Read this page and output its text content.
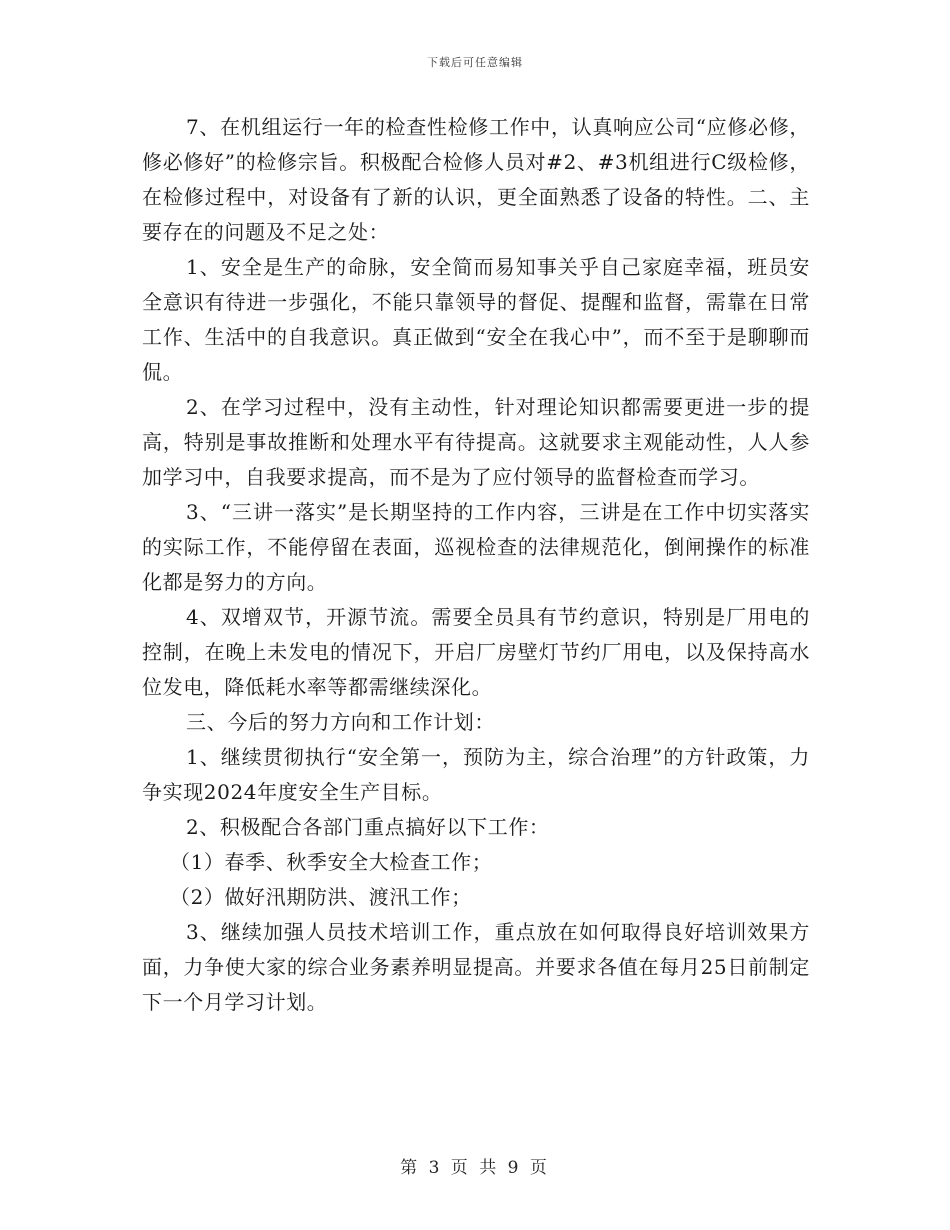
下载后可任意编辑

7、在机组运行一年的检查性检修工作中，认真响应公司“应修必修，修必修好”的检修宗旨。积极配合检修人员对#2、#3机组进行C级检修，在检修过程中，对设备有了新的认识，更全面熟悉了设备的特性。二、主要存在的问题及不足之处：

1、安全是生产的命脉，安全简而易知事关乎自己家庭幸福，班员安全意识有待进一步强化，不能只靠领导的督促、提醒和监督，需靠在日常工作、生活中的自我意识。真正做到“安全在我心中”，而不至于是聊聊而侃。

2、在学习过程中，没有主动性，针对理论知识都需要更进一步的提高，特别是事故推断和处理水平有待提高。这就要求主观能动性，人人参加学习中，自我要求提高，而不是为了应付领导的监督检查而学习。

3、“三讲一落实”是长期坚持的工作内容，三讲是在工作中切实落实的实际工作，不能停留在表面，巡视检查的法律规范化，倒闸操作的标准化都是努力的方向。

4、双增双节，开源节流。需要全员具有节约意识，特别是厂用电的控制，在晚上未发电的情况下，开启厂房壁灯节约厂用电，以及保持高水位发电，降低耗水率等都需继续深化。

三、今后的努力方向和工作计划：

1、继续贯彻执行“安全第一，预防为主，综合治理”的方针政策，力争实现2024年度安全生产目标。

2、积极配合各部门重点搞好以下工作：

（1）春季、秋季安全大检查工作；

（2）做好汛期防洪、渡汛工作；

3、继续加强人员技术培训工作，重点放在如何取得良好培训效果方面，力争使大家的综合业务素养明显提高。并要求各值在每月25日前制定下一个月学习计划。

第 3 页 共 9 页
